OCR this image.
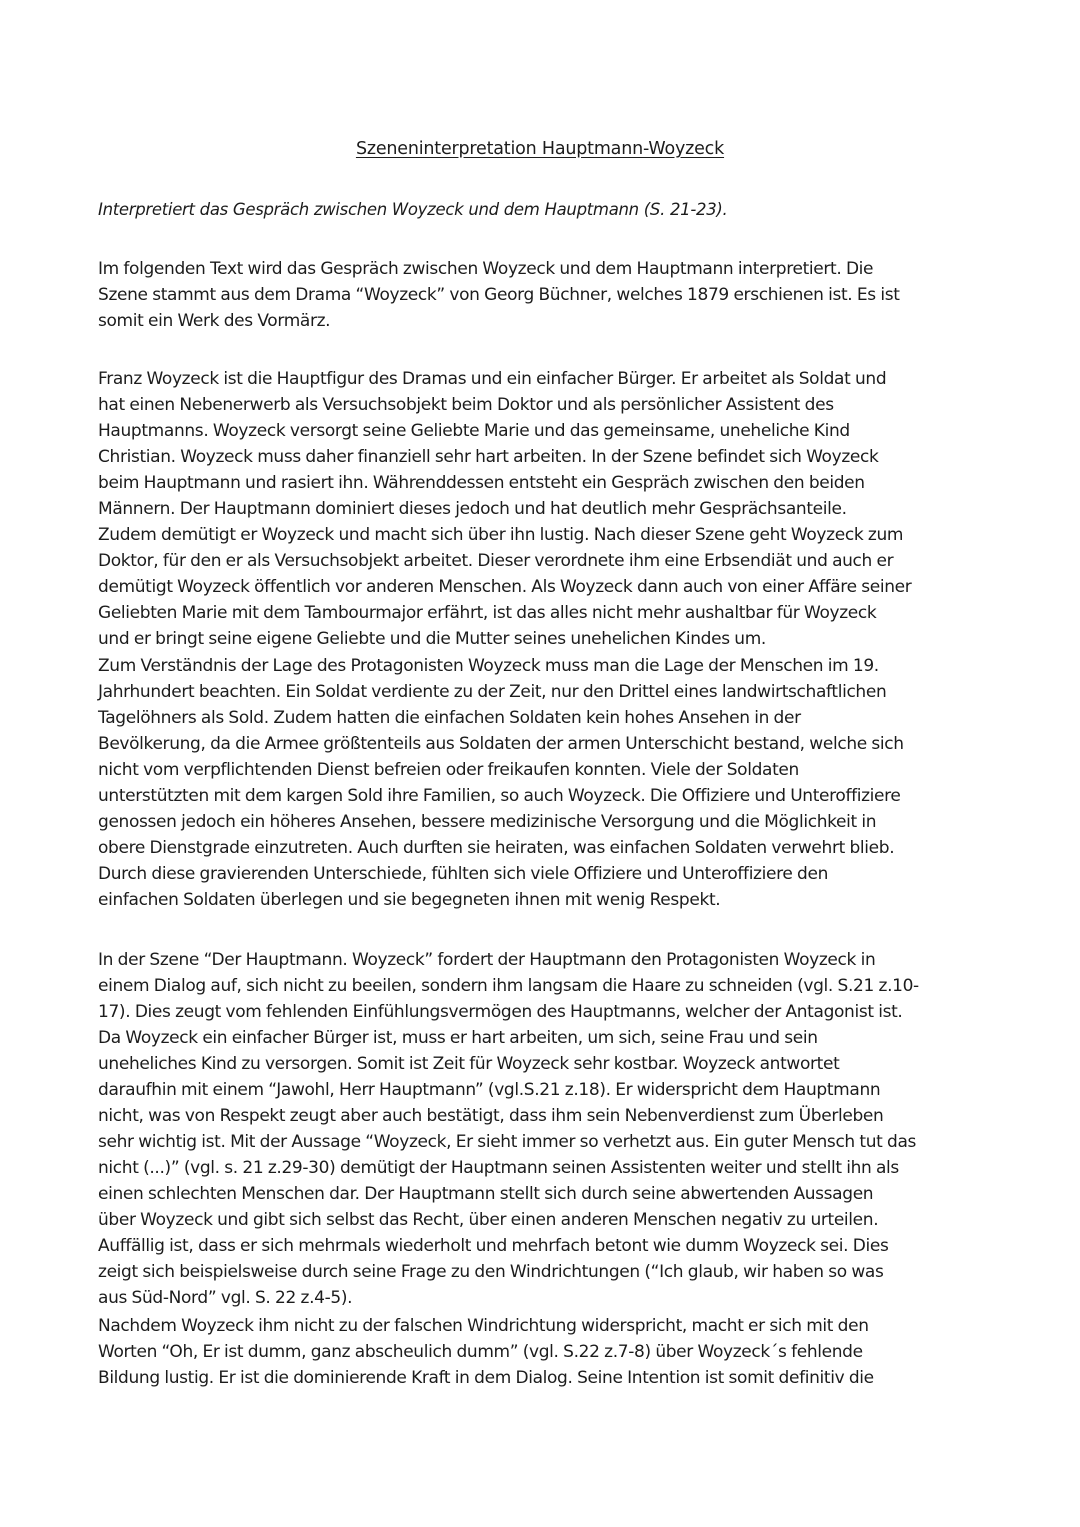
Szeneninterpretation Hauptmann-Woyzeck

Interpretiert das Gespräch zwischen Woyzeck und dem Hauptmann (S. 21-23).

Im folgenden Text wird das Gespräch zwischen Woyzeck und dem Hauptmann interpretiert. Die
Szene stammt aus dem Drama “Woyzeck” von Georg Büchner, welches 1879 erschienen ist. Es ist
somit ein Werk des Vormärz.

Franz Woyzeck ist die Hauptfigur des Dramas und ein einfacher Bürger. Er arbeitet als Soldat und
hat einen Nebenerwerb als Versuchsobjekt beim Doktor und als persönlicher Assistent des
Hauptmanns. Woyzeck versorgt seine Geliebte Marie und das gemeinsame, uneheliche Kind
Christian. Woyzeck muss daher finanziell sehr hart arbeiten. In der Szene befindet sich Woyzeck
beim Hauptmann und rasiert ihn. Währenddessen entsteht ein Gespräch zwischen den beiden
Männern. Der Hauptmann dominiert dieses jedoch und hat deutlich mehr Gesprächsanteile.
Zudem demütigt er Woyzeck und macht sich über ihn lustig. Nach dieser Szene geht Woyzeck zum
Doktor, für den er als Versuchsobjekt arbeitet. Dieser verordnete ihm eine Erbsendiät und auch er
demütigt Woyzeck öffentlich vor anderen Menschen. Als Woyzeck dann auch von einer Affäre seiner
Geliebten Marie mit dem Tambourmajor erfährt, ist das alles nicht mehr aushaltbar für Woyzeck
und er bringt seine eigene Geliebte und die Mutter seines unehelichen Kindes um.

Zum Verständnis der Lage des Protagonisten Woyzeck muss man die Lage der Menschen im 19.
Jahrhundert beachten. Ein Soldat verdiente zu der Zeit, nur den Drittel eines landwirtschaftlichen
Tagelöhners als Sold. Zudem hatten die einfachen Soldaten kein hohes Ansehen in der
Bevölkerung, da die Armee größtenteils aus Soldaten der armen Unterschicht bestand, welche sich
nicht vom verpflichtenden Dienst befreien oder freikaufen konnten. Viele der Soldaten
unterstützten mit dem kargen Sold ihre Familien, so auch Woyzeck. Die Offiziere und Unteroffiziere
genossen jedoch ein höheres Ansehen, bessere medizinische Versorgung und die Möglichkeit in
obere Dienstgrade einzutreten. Auch durften sie heiraten, was einfachen Soldaten verwehrt blieb.
Durch diese gravierenden Unterschiede, fühlten sich viele Offiziere und Unteroffiziere den
einfachen Soldaten überlegen und sie begegneten ihnen mit wenig Respekt.

In der Szene “Der Hauptmann. Woyzeck” fordert der Hauptmann den Protagonisten Woyzeck in
einem Dialog auf, sich nicht zu beeilen, sondern ihm langsam die Haare zu schneiden (vgl. S.21 z.10-
17). Dies zeugt vom fehlenden Einfühlungsvermögen des Hauptmanns, welcher der Antagonist ist.
Da Woyzeck ein einfacher Bürger ist, muss er hart arbeiten, um sich, seine Frau und sein
uneheliches Kind zu versorgen. Somit ist Zeit für Woyzeck sehr kostbar. Woyzeck antwortet
daraufhin mit einem “Jawohl, Herr Hauptmann” (vgl.S.21 z.18). Er widerspricht dem Hauptmann
nicht, was von Respekt zeugt aber auch bestätigt, dass ihm sein Nebenverdienst zum Überleben
sehr wichtig ist. Mit der Aussage “Woyzeck, Er sieht immer so verhetzt aus. Ein guter Mensch tut das
nicht (...)” (vgl. s. 21 z.29-30) demütigt der Hauptmann seinen Assistenten weiter und stellt ihn als
einen schlechten Menschen dar. Der Hauptmann stellt sich durch seine abwertenden Aussagen
über Woyzeck und gibt sich selbst das Recht, über einen anderen Menschen negativ zu urteilen.
Auffällig ist, dass er sich mehrmals wiederholt und mehrfach betont wie dumm Woyzeck sei. Dies
zeigt sich beispielsweise durch seine Frage zu den Windrichtungen (“Ich glaub, wir haben so was
aus Süd-Nord” vgl. S. 22 z.4-5).

Nachdem Woyzeck ihm nicht zu der falschen Windrichtung widerspricht, macht er sich mit den
Worten “Oh, Er ist dumm, ganz abscheulich dumm” (vgl. S.22 z.7-8) über Woyzeck´s fehlende
Bildung lustig. Er ist die dominierende Kraft in dem Dialog. Seine Intention ist somit definitiv die
